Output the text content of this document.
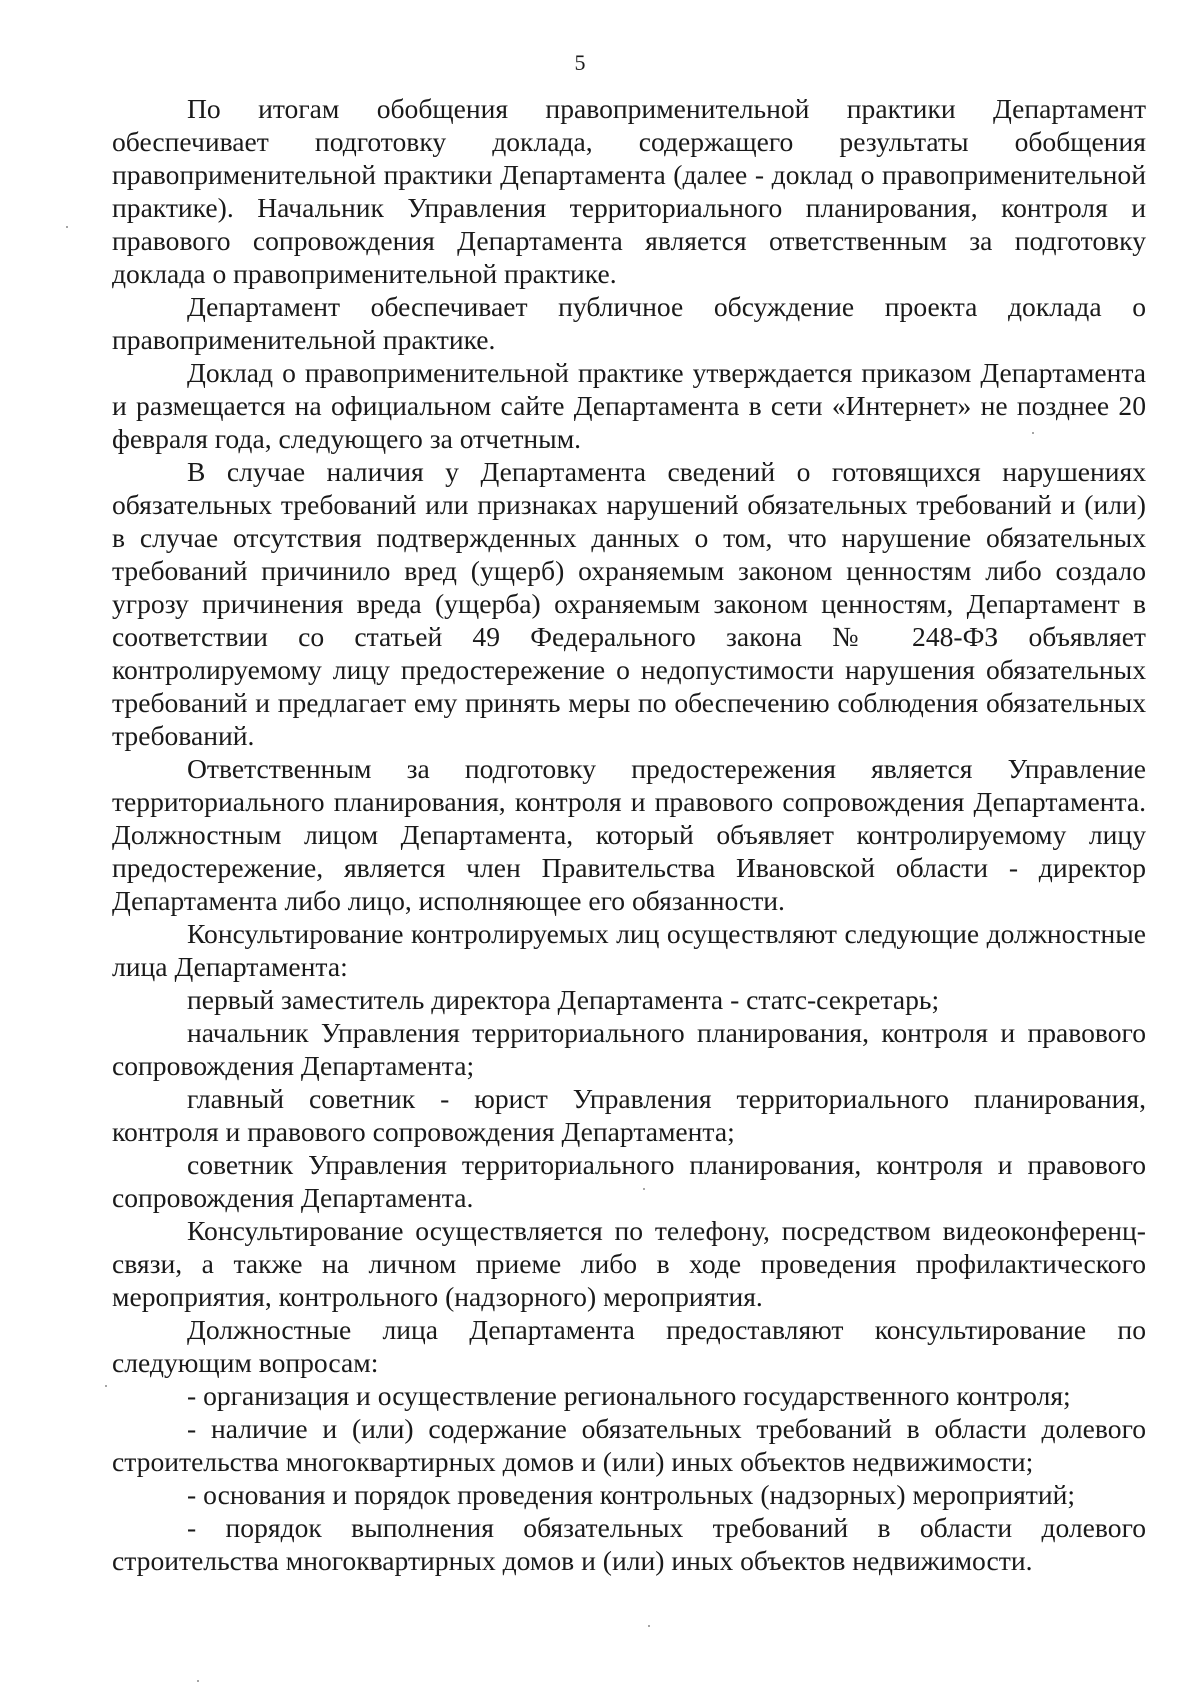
5

По итогам обобщения правоприменительной практики Департамент обеспечивает подготовку доклада, содержащего результаты обобщения правоприменительной практики Департамента (далее - доклад о правоприменительной практике). Начальник Управления территориального планирования, контроля и правового сопровождения Департамента является ответственным за подготовку доклада о правоприменительной практике.

Департамент обеспечивает публичное обсуждение проекта доклада о правоприменительной практике.

Доклад о правоприменительной практике утверждается приказом Департамента и размещается на официальном сайте Департамента в сети «Интернет» не позднее 20 февраля года, следующего за отчетным.

В случае наличия у Департамента сведений о готовящихся нарушениях обязательных требований или признаках нарушений обязательных требований и (или) в случае отсутствия подтвержденных данных о том, что нарушение обязательных требований причинило вред (ущерб) охраняемым законом ценностям либо создало угрозу причинения вреда (ущерба) охраняемым законом ценностям, Департамент в соответствии со статьей 49 Федерального закона № 248-ФЗ объявляет контролируемому лицу предостережение о недопустимости нарушения обязательных требований и предлагает ему принять меры по обеспечению соблюдения обязательных требований.

Ответственным за подготовку предостережения является Управление территориального планирования, контроля и правового сопровождения Департамента. Должностным лицом Департамента, который объявляет контролируемому лицу предостережение, является член Правительства Ивановской области - директор Департамента либо лицо, исполняющее его обязанности.

Консультирование контролируемых лиц осуществляют следующие должностные лица Департамента:

первый заместитель директора Департамента - статс-секретарь;

начальник Управления территориального планирования, контроля и правового сопровождения Департамента;

главный советник - юрист Управления территориального планирования, контроля и правового сопровождения Департамента;

советник Управления территориального планирования, контроля и правового сопровождения Департамента.

Консультирование осуществляется по телефону, посредством видеоконференц-связи, а также на личном приеме либо в ходе проведения профилактического мероприятия, контрольного (надзорного) мероприятия.

Должностные лица Департамента предоставляют консультирование по следующим вопросам:

- организация и осуществление регионального государственного контроля;

- наличие и (или) содержание обязательных требований в области долевого строительства многоквартирных домов и (или) иных объектов недвижимости;

- основания и порядок проведения контрольных (надзорных) мероприятий;

- порядок выполнения обязательных требований в области долевого строительства многоквартирных домов и (или) иных объектов недвижимости.
